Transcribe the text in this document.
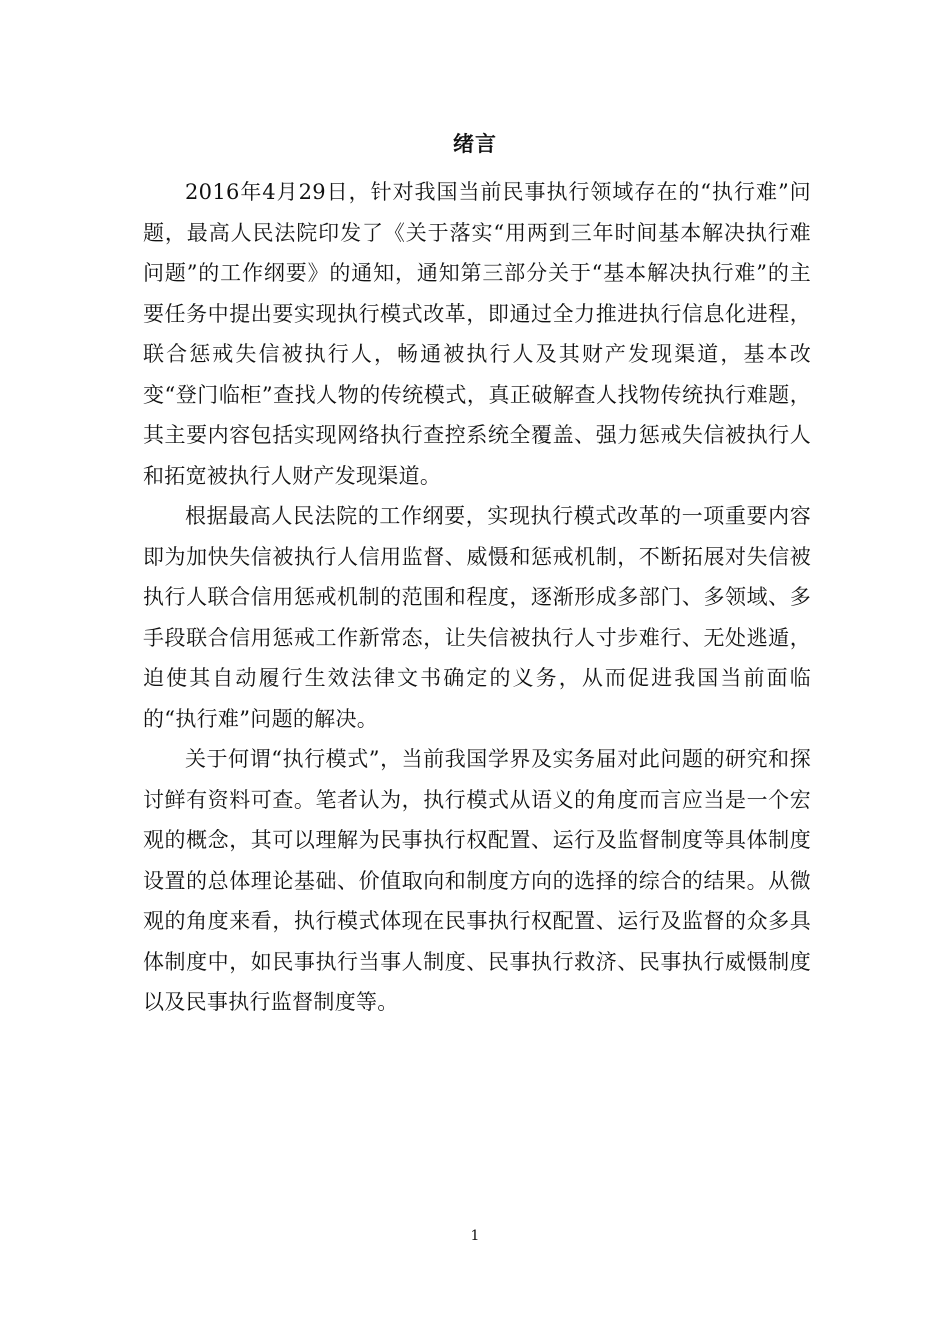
绪言

2016年4月29日，针对我国当前民事执行领域存在的“执行难”问题，最高人民法院印发了《关于落实“用两到三年时间基本解决执行难问题”的工作纲要》的通知，通知第三部分关于“基本解决执行难”的主要任务中提出要实现执行模式改革，即通过全力推进执行信息化进程，联合惩戒失信被执行人，畅通被执行人及其财产发现渠道，基本改变“登门临柜”查找人物的传统模式，真正破解查人找物传统执行难题，其主要内容包括实现网络执行查控系统全覆盖、强力惩戒失信被执行人和拓宽被执行人财产发现渠道。

根据最高人民法院的工作纲要，实现执行模式改革的一项重要内容即为加快失信被执行人信用监督、威慑和惩戒机制，不断拓展对失信被执行人联合信用惩戒机制的范围和程度，逐渐形成多部门、多领域、多手段联合信用惩戒工作新常态，让失信被执行人寸步难行、无处逃遁，迫使其自动履行生效法律文书确定的义务，从而促进我国当前面临的“执行难”问题的解决。

关于何谓“执行模式”，当前我国学界及实务届对此问题的研究和探讨鲜有资料可查。笔者认为，执行模式从语义的角度而言应当是一个宏观的概念，其可以理解为民事执行权配置、运行及监督制度等具体制度设置的总体理论基础、价值取向和制度方向的选择的综合的结果。从微观的角度来看，执行模式体现在民事执行权配置、运行及监督的众多具体制度中，如民事执行当事人制度、民事执行救济、民事执行威慑制度以及民事执行监督制度等。

1
